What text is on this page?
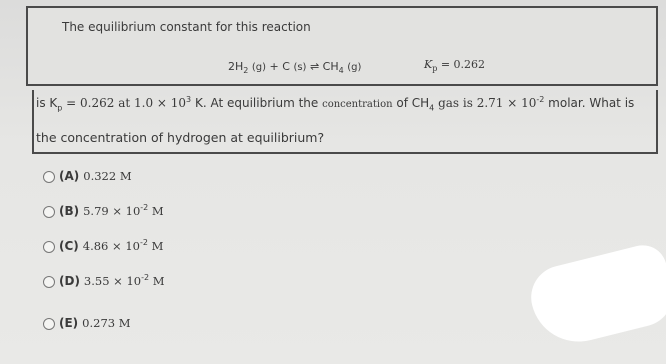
The equilibrium constant for this reaction
$2H_2$ (g) + C (s) ⇌ $CH_4$ (g)	$K_p = 0.262$
is $K_p = 0.262$ at $1.0 \times 10^3$ K. At equilibrium the concentration of $CH_4$ gas is $2.71 \times 10^{-2}$ molar. What is
the concentration of hydrogen at equilibrium?
(A) 0.322 M
(B) $5.79 \times 10^{-2}$ M
(C) $4.86 \times 10^{-2}$ M
(D) $3.55 \times 10^{-2}$ M
(E) 0.273 M
